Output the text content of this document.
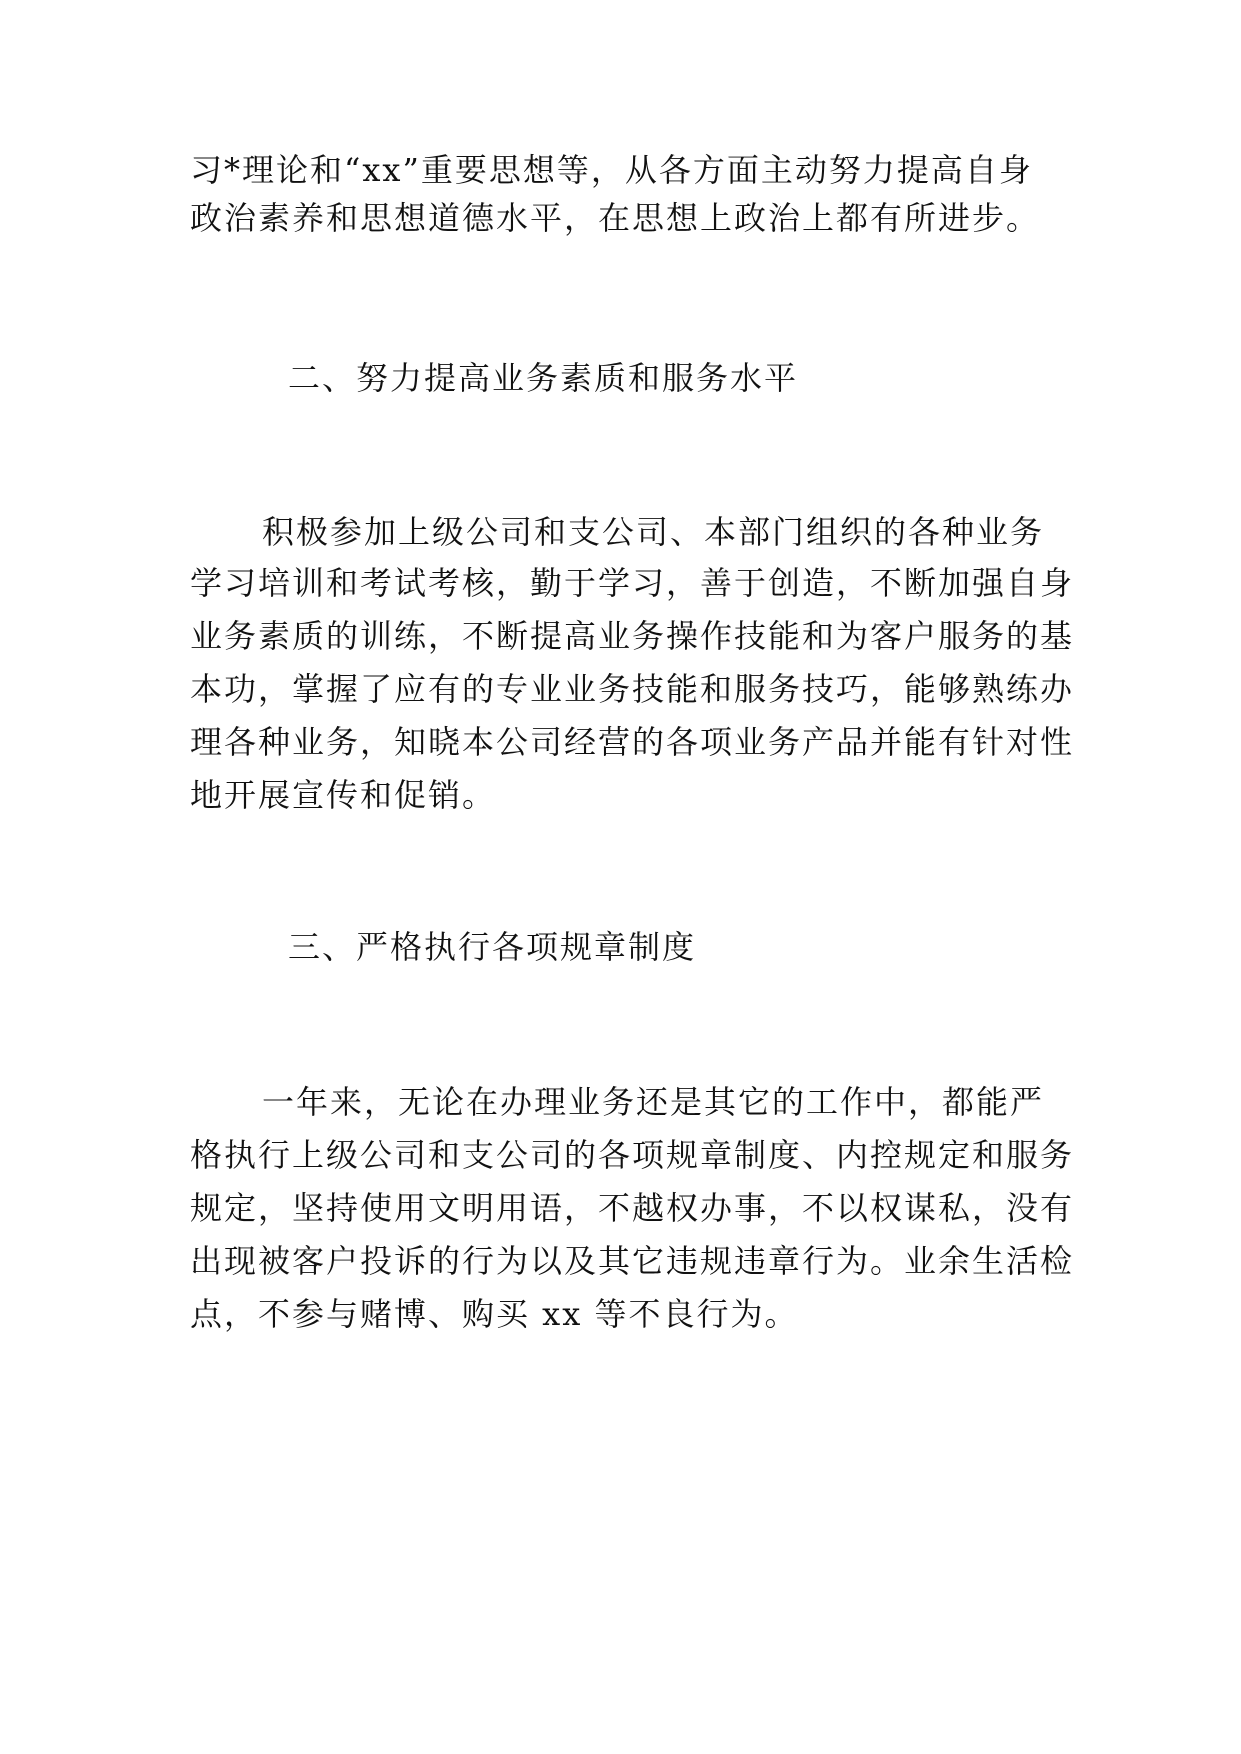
习*理论和“xx”重要思想等，从各方面主动努力提高自身
政治素养和思想道德水平，在思想上政治上都有所进步。
二、努力提高业务素质和服务水平
积极参加上级公司和支公司、本部门组织的各种业务
学习培训和考试考核，勤于学习，善于创造，不断加强自身
业务素质的训练，不断提高业务操作技能和为客户服务的基
本功，掌握了应有的专业业务技能和服务技巧，能够熟练办
理各种业务，知晓本公司经营的各项业务产品并能有针对性
地开展宣传和促销。
三、严格执行各项规章制度
一年来，无论在办理业务还是其它的工作中，都能严
格执行上级公司和支公司的各项规章制度、内控规定和服务
规定，坚持使用文明用语，不越权办事，不以权谋私，没有
出现被客户投诉的行为以及其它违规违章行为。业余生活检
点，不参与赌博、购买 xx 等不良行为。
